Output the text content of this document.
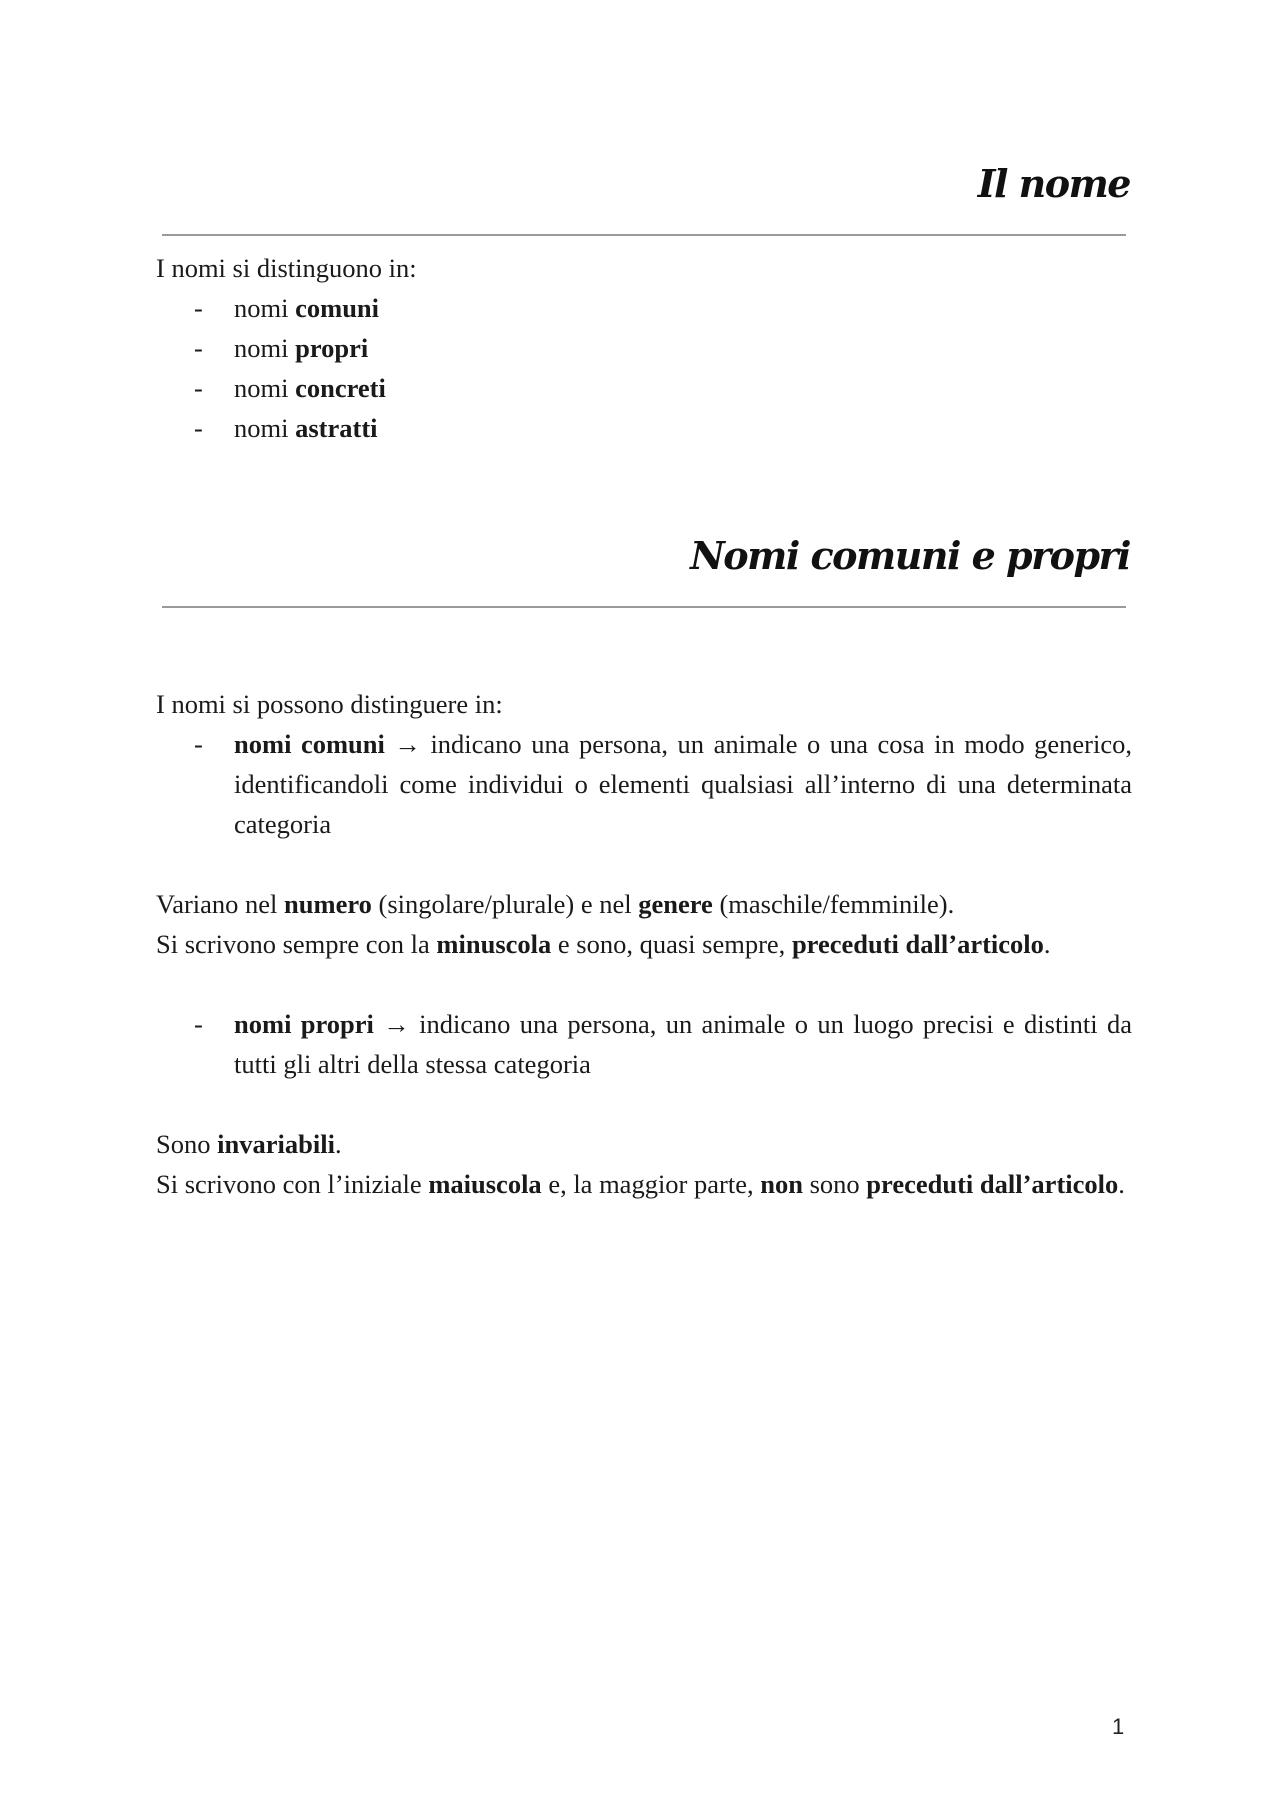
Il nome

I nomi si distinguono in:

- nomi comuni
- nomi propri
- nomi concreti
- nomi astratti
Nomi comuni e propri

I nomi si possono distinguere in:

- nomi comuni → indicano una persona, un animale o una cosa in modo generico, identificandoli come individui o elementi qualsiasi all’interno di una determinata categoria

Variano nel numero (singolare/plurale) e nel genere (maschile/femminile).

Si scrivono sempre con la minuscola e sono, quasi sempre, preceduti dall’articolo.

- nomi propri → indicano una persona, un animale o un luogo precisi e distinti da tutti gli altri della stessa categoria

Sono invariabili.

Si scrivono con l’iniziale maiuscola e, la maggior parte, non sono preceduti dall’articolo.

1
